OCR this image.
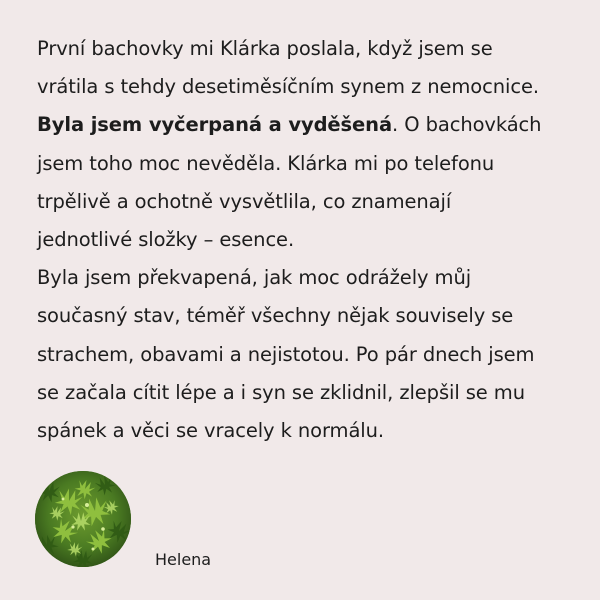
První bachovky mi Klárka poslala, když jsem se
vrátila s tehdy desetiměsíčním synem z nemocnice.
Byla jsem vyčerpaná a vyděšená. O bachovkách
jsem toho moc nevěděla. Klárka mi po telefonu
trpělivě a ochotně vysvětlila, co znamenají
jednotlivé složky – esence.
Byla jsem překvapená, jak moc odrážely můj
současný stav, téměř všechny nějak souvisely se
strachem, obavami a nejistotou. Po pár dnech jsem
se začala cítit lépe a i syn se zklidnil, zlepšil se mu
spánek a věci se vracely k normálu.

Helena
